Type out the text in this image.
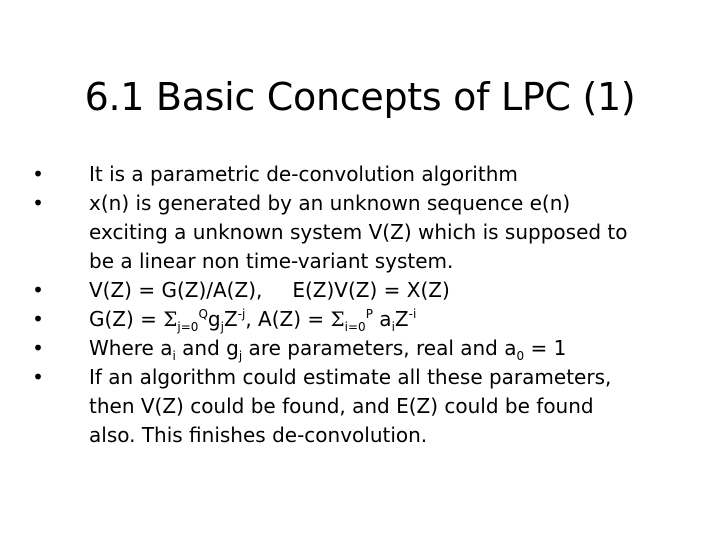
6.1 Basic Concepts of LPC (1)
• It is a parametric de-convolution algorithm
• x(n) is generated by an unknown sequence e(n)
exciting a unknown system V(Z) which is supposed to
be a linear non time-variant system.
• V(Z) = G(Z)/A(Z), E(Z)V(Z) = X(Z)
• $G(Z) = \Sigma_{j=0}^Qg_jZ^{-j}$, $A(Z) = \Sigma_{i=0}^P$ $a_iZ^{-i}$
• Where $a_i$ and $g_j$ are parameters, real and $a_0 = 1$
• If an algorithm could estimate all these parameters,
then V(Z) could be found, and E(Z) could be found
also. This finishes de-convolution.
